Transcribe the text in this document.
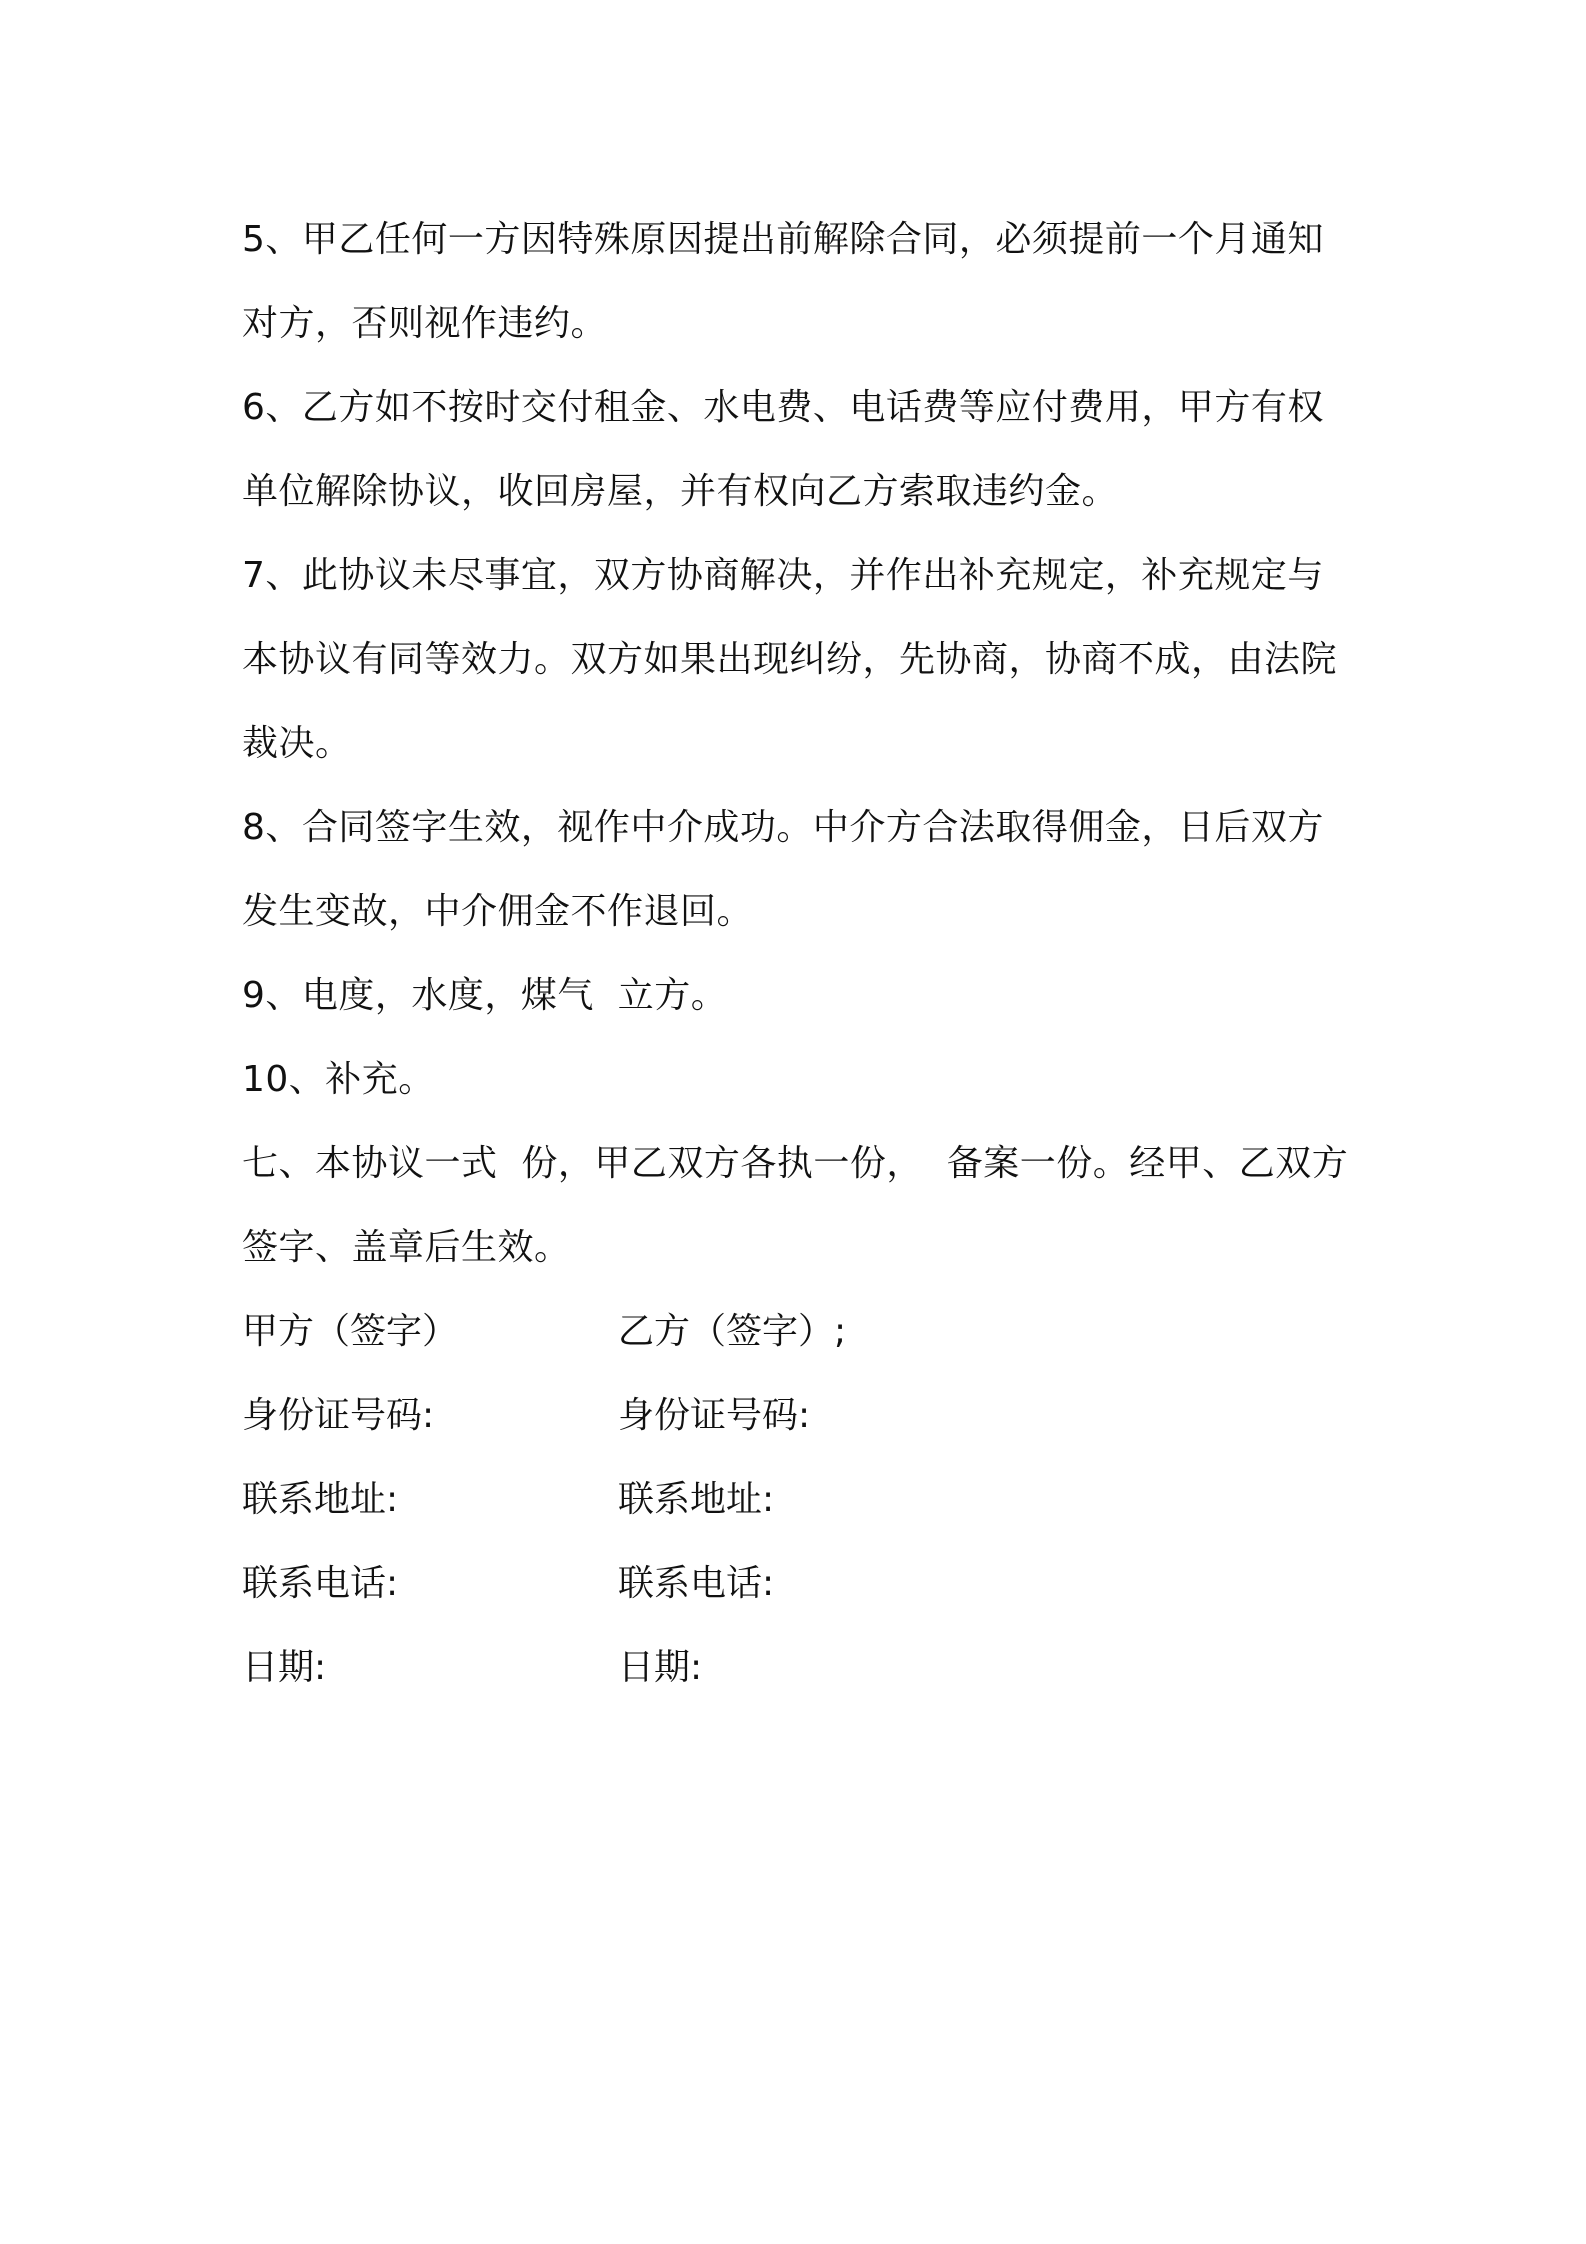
5、甲乙任何一方因特殊原因提出前解除合同，必须提前一个月通知
对方，否则视作违约。
6、乙方如不按时交付租金、水电费、电话费等应付费用，甲方有权
单位解除协议，收回房屋，并有权向乙方索取违约金。
7、此协议未尽事宜，双方协商解决，并作出补充规定，补充规定与
本协议有同等效力。双方如果出现纠纷，先协商，协商不成，由法院
裁决。
8、合同签字生效，视作中介成功。中介方合法取得佣金，日后双方
发生变故，中介佣金不作退回。
9、电度，水度，煤气  立方。
10、补充。
七、本协议一式  份，甲乙双方各执一份，  备案一份。经甲、乙双方
签字、盖章后生效。
甲方（签字）	乙方（签字）;
身份证号码:	身份证号码:
联系地址:	联系地址:
联系电话:	联系电话:
日期:	日期:
